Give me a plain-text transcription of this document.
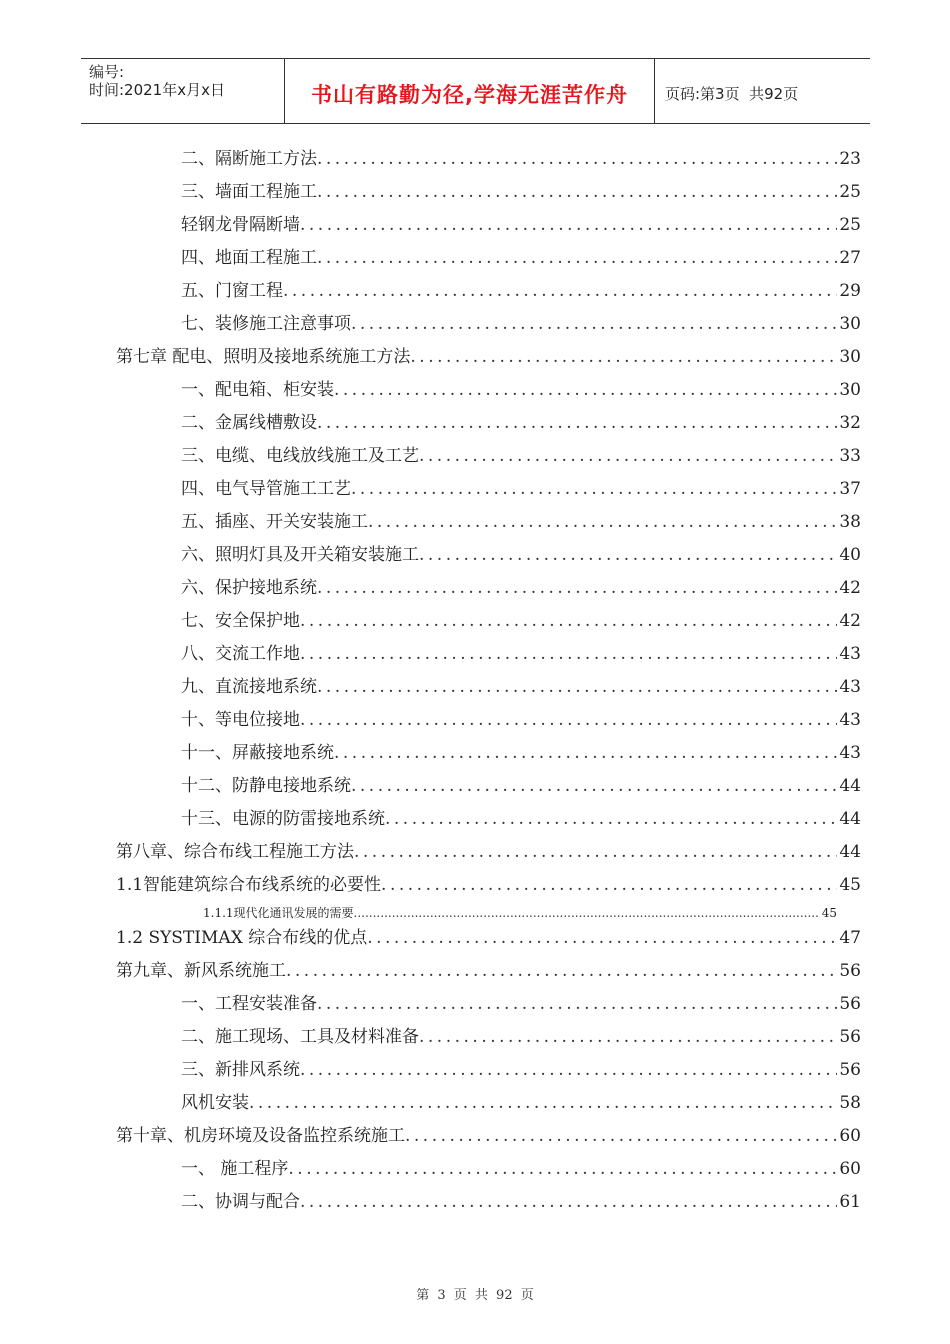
编号:
时间:2021年x月x日	书山有路勤为径,学海无涯苦作舟	页码:第3页  共92页
二、隔断施工方法 .....	23
三、墙面工程施工 .....	25
轻钢龙骨隔断墙 .....	25
四、地面工程施工 .....	27
五、门窗工程 .....	29
七、装修施工注意事项 .....	30
第七章 配电、照明及接地系统施工方法 .....	30
一、配电箱、柜安装 .....	30
二、金属线槽敷设 .....	32
三、电缆、电线放线施工及工艺 .....	33
四、电气导管施工工艺 .....	37
五、插座、开关安装施工 .....	38
六、照明灯具及开关箱安装施工 .....	40
六、保护接地系统 .....	42
七、安全保护地 .....	42
八、交流工作地 .....	43
九、直流接地系统 .....	43
十、等电位接地 .....	43
十一、屏蔽接地系统 .....	43
十二、防静电接地系统 .....	44
十三、电源的防雷接地系统 .....	44
第八章、综合布线工程施工方法 .....	44
1.1智能建筑综合布线系统的必要性 .....	45
1.1.1现代化通讯发展的需要 .....	45
1.2 SYSTIMAX 综合布线的优点 .....	47
第九章、新风系统施工 .....	56
一、工程安装准备 .....	56
二、施工现场、工具及材料准备 .....	56
三、新排风系统 .....	56
风机安装 .....	58
第十章、机房环境及设备监控系统施工 .....	60
一、 施工程序 .....	60
二、协调与配合 .....	61
第 3 页 共 92 页
